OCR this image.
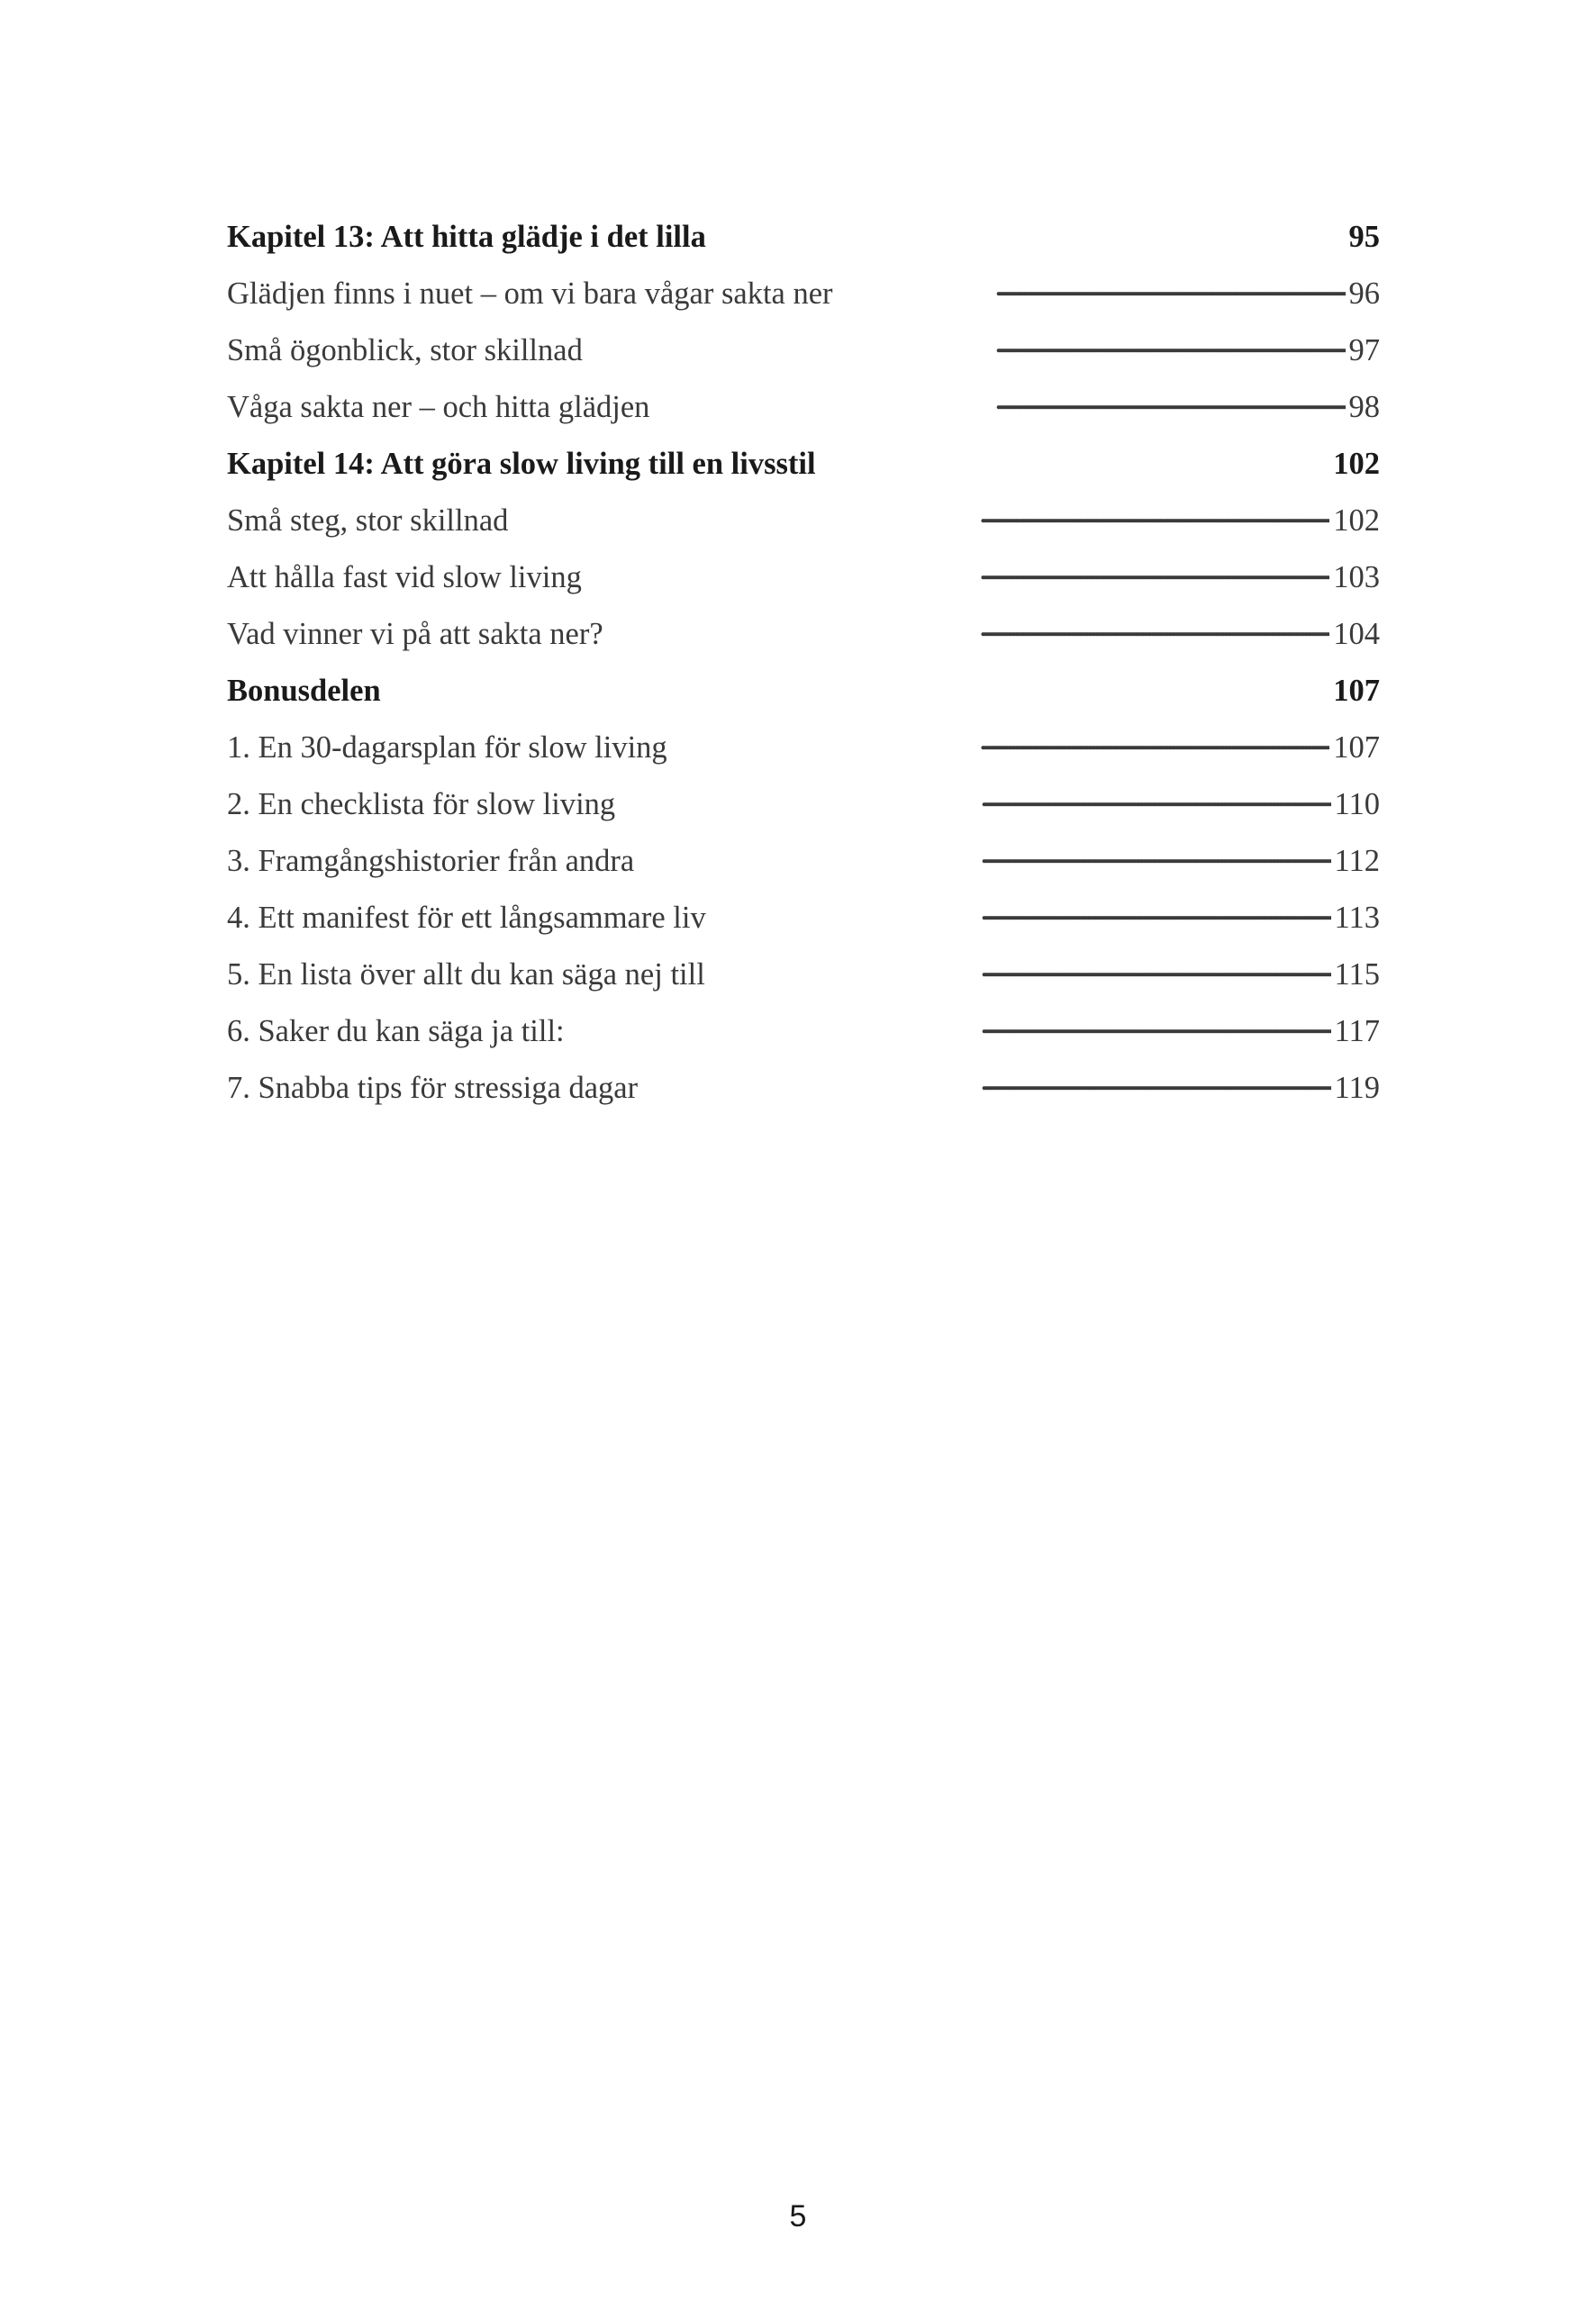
Kapitel 13: Att hitta glädje i det lilla . . .	95
Glädjen finns i nuet – om vi bara vågar sakta ner . . .	96
Små ögonblick, stor skillnad . . .	97
Våga sakta ner – och hitta glädjen . . .	98
Kapitel 14: Att göra slow living till en livsstil . . .	102
Små steg, stor skillnad . . .	102
Att hålla fast vid slow living . . .	103
Vad vinner vi på att sakta ner? . . .	104
Bonusdelen . . .	107
1. En 30-dagarsplan för slow living . . .	107
2. En checklista för slow living . . .	110
3. Framgångshistorier från andra . . .	112
4. Ett manifest för ett långsammare liv . . .	113
5. En lista över allt du kan säga nej till . . .	115
6. Saker du kan säga ja till: . . .	117
7. Snabba tips för stressiga dagar . . .	119
5
